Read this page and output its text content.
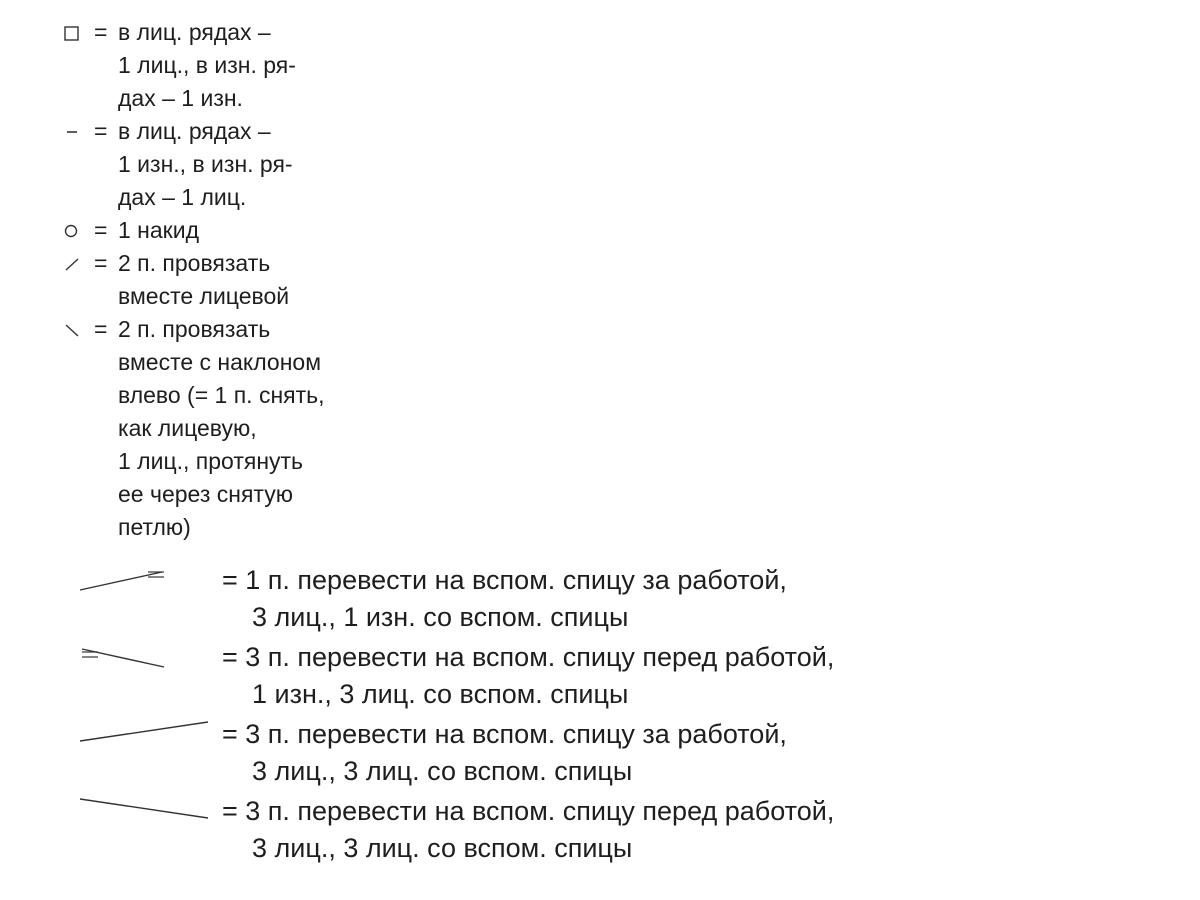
= в лиц. рядах –
1 лиц., в изн. ря-
дах – 1 изн.
= в лиц. рядах –
1 изн., в изн. ря-
дах – 1 лиц.
= 1 накид
= 2 п. провязать
вместе лицевой
= 2 п. провязать
вместе с наклоном
влево (= 1 п. снять,
как лицевую,
1 лиц., протянуть
ее через снятую
петлю)
= 1 п. перевести на вспом. спицу за работой,
3 лиц., 1 изн. со вспом. спицы
= 3 п. перевести на вспом. спицу перед работой,
1 изн., 3 лиц. со вспом. спицы
= 3 п. перевести на вспом. спицу за работой,
3 лиц., 3 лиц. со вспом. спицы
= 3 п. перевести на вспом. спицу перед работой,
3 лиц., 3 лиц. со вспом. спицы
